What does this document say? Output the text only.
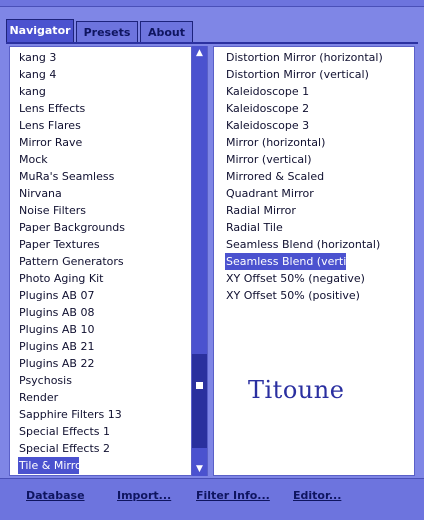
Navigator	Presets	About
kang 3
kang 4
kang
Lens Effects
Lens Flares
Mirror Rave
Mock
MuRa's Seamless
Nirvana
Noise Filters
Paper Backgrounds
Paper Textures
Pattern Generators
Photo Aging Kit
Plugins AB 07
Plugins AB 08
Plugins AB 10
Plugins AB 21
Plugins AB 22
Psychosis
Render
Sapphire Filters 13
Special Effects 1
Special Effects 2
Tile & Mirror
▲
▼
Distortion Mirror (horizontal)
Distortion Mirror (vertical)
Kaleidoscope 1
Kaleidoscope 2
Kaleidoscope 3
Mirror (horizontal)
Mirror (vertical)
Mirrored & Scaled
Quadrant Mirror
Radial Mirror
Radial Tile
Seamless Blend (horizontal)
Seamless Blend (vertical)
XY Offset 50% (negative)
XY Offset 50% (positive)
Titoune
Database	Import... Filter Info... Editor...
